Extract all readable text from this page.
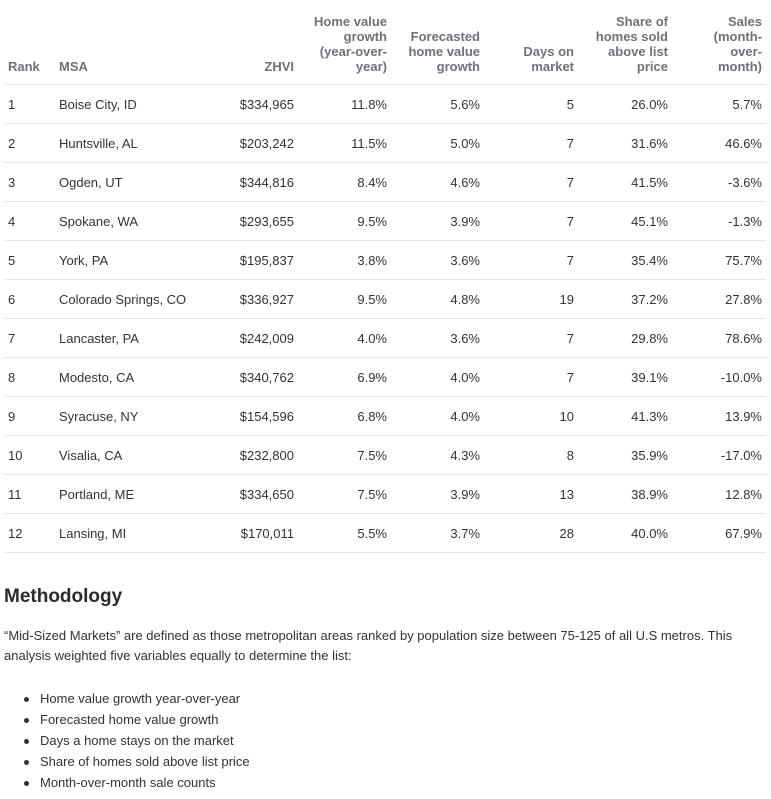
Rank	MSA	ZHVI	Home value
growth
(year-over-
year)	Forecasted
home value
growth	Days on
market	Share of
homes sold
above list
price	Sales
(month-
over-
month)
1	Boise City, ID	$334,965	11.8%	5.6%	5	26.0%	5.7%
2	Huntsville, AL	$203,242	11.5%	5.0%	7	31.6%	46.6%
3	Ogden, UT	$344,816	8.4%	4.6%	7	41.5%	-3.6%
4	Spokane, WA	$293,655	9.5%	3.9%	7	45.1%	-1.3%
5	York, PA	$195,837	3.8%	3.6%	7	35.4%	75.7%
6	Colorado Springs, CO	$336,927	9.5%	4.8%	19	37.2%	27.8%
7	Lancaster, PA	$242,009	4.0%	3.6%	7	29.8%	78.6%
8	Modesto, CA	$340,762	6.9%	4.0%	7	39.1%	-10.0%
9	Syracuse, NY	$154,596	6.8%	4.0%	10	41.3%	13.9%
10	Visalia, CA	$232,800	7.5%	4.3%	8	35.9%	-17.0%
11	Portland, ME	$334,650	7.5%	3.9%	13	38.9%	12.8%
12	Lansing, MI	$170,011	5.5%	3.7%	28	40.0%	67.9%
Methodology

“Mid-Sized Markets” are defined as those metropolitan areas ranked by population size between 75-125 of all U.S metros. This analysis weighted five variables equally to determine the list:

Home value growth year-over-year
Forecasted home value growth
Days a home stays on the market
Share of homes sold above list price
Month-over-month sale counts
